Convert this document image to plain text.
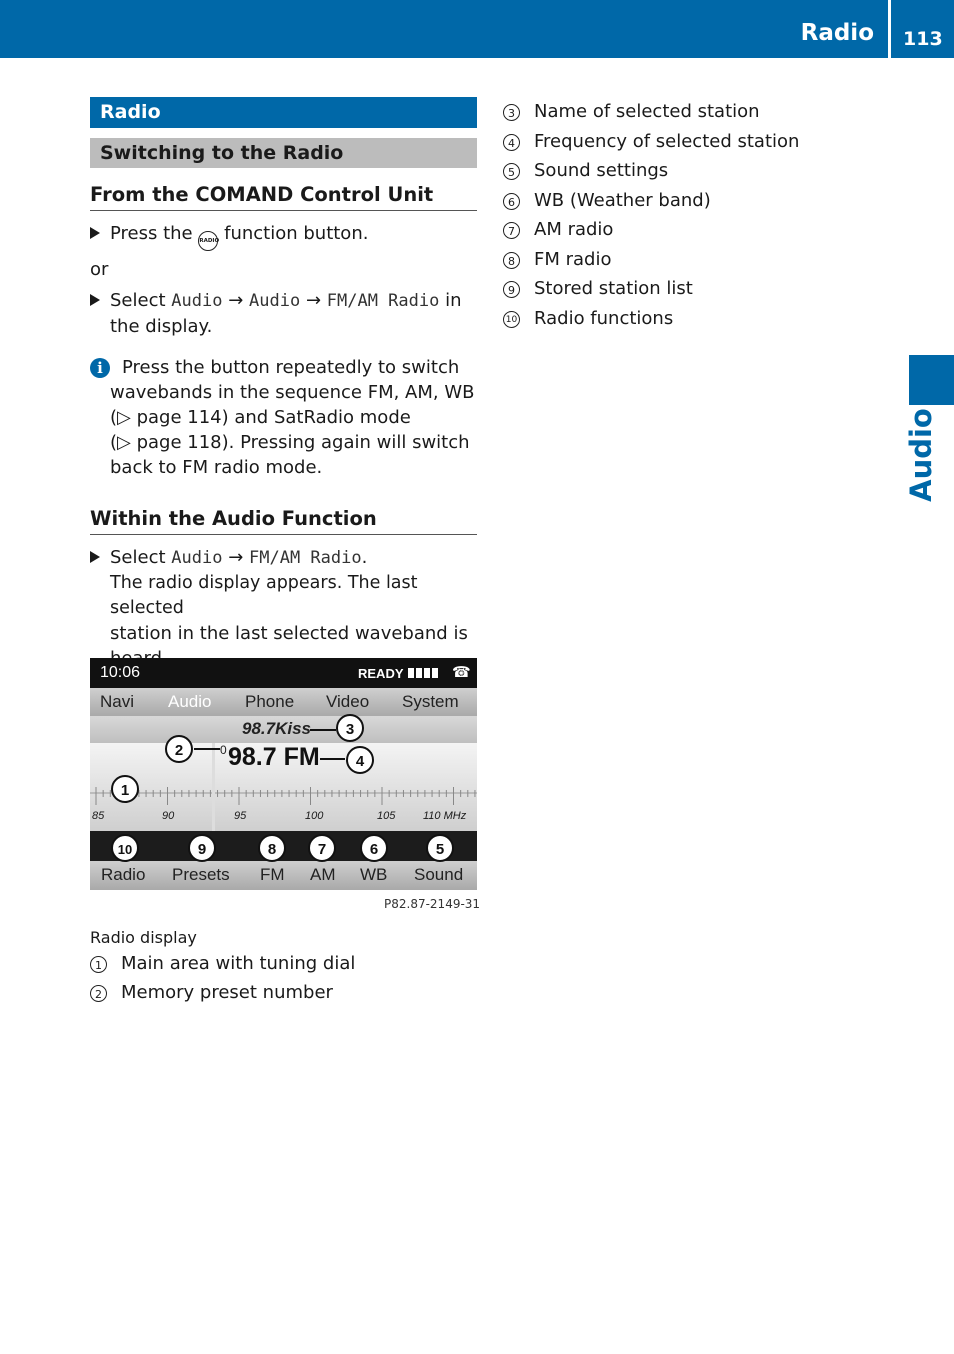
Radio 113
Audio
Radio
Switching to the Radio
From the COMAND Control Unit
Press the RADIO function button.
or
Select Audio → Audio → FM/AM Radio in
the display.
i	Press the button repeatedly to switch
wavebands in the sequence FM, AM, WB
(▷ page 114) and SatRadio mode
(▷ page 118). Pressing again will switch
back to FM radio mode.
Within the Audio Function
Select Audio → FM/AM Radio.
The radio display appears. The last selected
station in the last selected waveband is
10:06	READY	☎
Navi Audio Phone Video System
98.7Kiss
0 98.7 FM
85	90	95	100	105	110 MHz
Radio Presets FM AM WB Sound
1
2
3
4
5
6
7
8
9
10
P82.87-2149-31
Radio display
1 Main area with tuning dial
2 Memory preset number
3 Name of selected station
4 Frequency of selected station
5 Sound settings
6 WB (Weather band)
7 AM radio
8 FM radio
9 Stored station list
10 Radio functions
